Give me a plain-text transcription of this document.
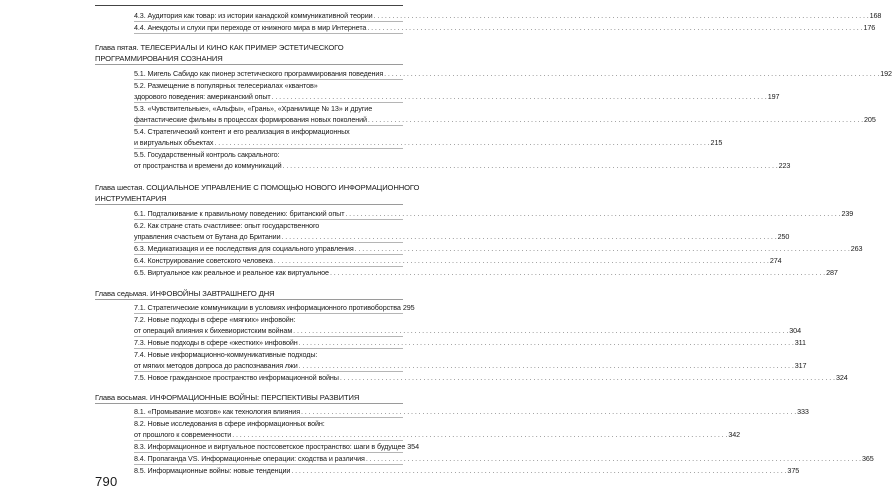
4.3. Аудитория как товар: из истории канадской коммуникативной теории . . .	168
4.4. Анекдоты и слухи при переходе от книжного мира в мир Интернета . . .	176
Глава пятая. ТЕЛЕСЕРИАЛЫ И КИНО КАК ПРИМЕР ЭСТЕТИЧЕСКОГО
ПРОГРАММИРОВАНИЯ СОЗНАНИЯ
5.1. Мигель Сабидо как пионер эстетического программирования поведения . . .	192
5.2. Размещение в популярных телесериалах «квантов»
здорового поведения: американский опыт . . .	197
5.3. «Чувствительные», «Альфы», «Грань», «Хранилище № 13» и другие
фантастические фильмы в процессах формирования новых поколений . . .	205
5.4. Стратегический контент и его реализация в информационных
и виртуальных объектах . . .	215
5.5. Государственный контроль сакрального:
от пространства и времени до коммуникаций . . .	223
Глава шестая. СОЦИАЛЬНОЕ УПРАВЛЕНИЕ С ПОМОЩЬЮ НОВОГО ИНФОРМАЦИОННОГО
ИНСТРУМЕНТАРИЯ
6.1. Подталкивание к правильному поведению: британский опыт . . .	239
6.2. Как стране стать счастливее: опыт государственного
управления счастьем от Бутана до Британии . . .	250
6.3. Медикатизация и ее последствия для социального управления . . .	263
6.4. Конструирование советского человека . . .	274
6.5. Виртуальное как реальное и реальное как виртуальное . . .	287
Глава седьмая. ИНФОВОЙНЫ ЗАВТРАШНЕГО ДНЯ
7.1. Стратегические коммуникации в условиях информационного противоборства 295
7.2. Новые подходы в сфере «мягких» инфовойн:
от операций влияния к бихевиористским войнам . . .	304
7.3. Новые подходы в сфере «жестких» инфовойн . . .	311
7.4. Новые информационно-коммуникативные подходы:
от мягких методов допроса до распознавания лжи . . .	317
7.5. Новое гражданское пространство информационной войны . . .	324
Глава восьмая. ИНФОРМАЦИОННЫЕ ВОЙНЫ: ПЕРСПЕКТИВЫ РАЗВИТИЯ
8.1. «Промывание мозгов» как технология влияния . . .	333
8.2. Новые исследования в сфере информационных войн:
от прошлого к современности . . .	342
8.3. Информационное и виртуальное постсоветское пространство: шаги в будущее 354
8.4. Пропаганда VS. Информационные операции: сходства и различия . . .	365
8.5. Информационные войны: новые тенденции . . .	375
790
